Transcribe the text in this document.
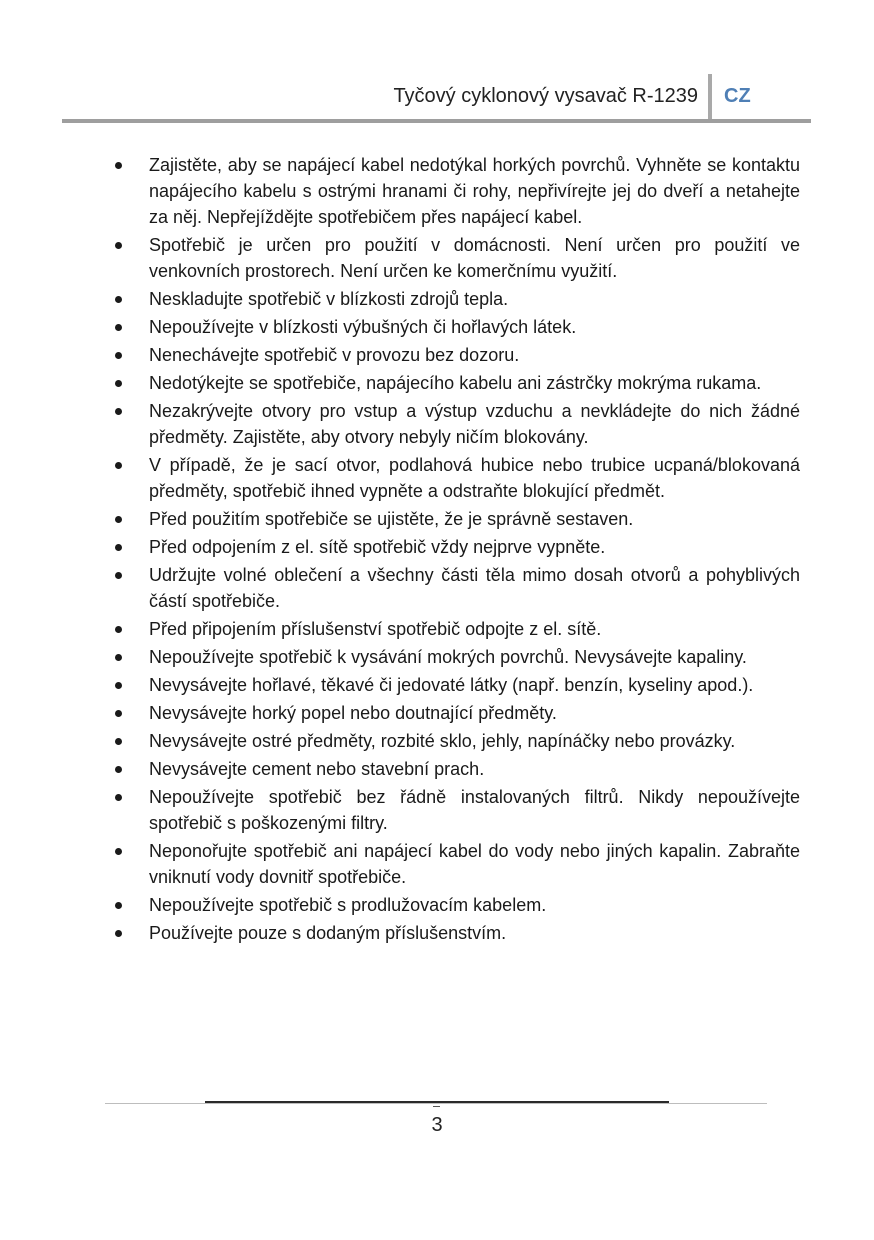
Tyčový cyklonový vysavač R-1239 CZ
Zajistěte, aby se napájecí kabel nedotýkal horkých povrchů. Vyhněte se kontaktu napájecího kabelu s ostrými hranami či rohy, nepřivírejte jej do dveří a netahejte za něj. Nepřejíždějte spotřebičem přes napájecí kabel.
Spotřebič je určen pro použití v domácnosti. Není určen pro použití ve venkovních prostorech. Není určen ke komerčnímu využití.
Neskladujte spotřebič v blízkosti zdrojů tepla.
Nepoužívejte v blízkosti výbušných či hořlavých látek.
Nenechávejte spotřebič v provozu bez dozoru.
Nedotýkejte se spotřebiče, napájecího kabelu ani zástrčky mokrýma rukama.
Nezakrývejte otvory pro vstup a výstup vzduchu a nevkládejte do nich žádné předměty. Zajistěte, aby otvory nebyly ničím blokovány.
V případě, že je sací otvor, podlahová hubice nebo trubice ucpaná/blokovaná předměty, spotřebič ihned vypněte a odstraňte blokující předmět.
Před použitím spotřebiče se ujistěte, že je správně sestaven.
Před odpojením z el. sítě spotřebič vždy nejprve vypněte.
Udržujte volné oblečení a všechny části těla mimo dosah otvorů a pohyblivých částí spotřebiče.
Před připojením příslušenství spotřebič odpojte z el. sítě.
Nepoužívejte spotřebič k vysávání mokrých povrchů. Nevysávejte kapaliny.
Nevysávejte hořlavé, těkavé či jedovaté látky (např. benzín, kyseliny apod.).
Nevysávejte horký popel nebo doutnající předměty.
Nevysávejte ostré předměty, rozbité sklo, jehly, napínáčky nebo provázky.
Nevysávejte cement nebo stavební prach.
Nepoužívejte spotřebič bez řádně instalovaných filtrů. Nikdy nepoužívejte spotřebič s poškozenými filtry.
Neponořujte spotřebič ani napájecí kabel do vody nebo jiných kapalin. Zabraňte vniknutí vody dovnitř spotřebiče.
Nepoužívejte spotřebič s prodlužovacím kabelem.
Používejte pouze s dodaným příslušenstvím.
3
